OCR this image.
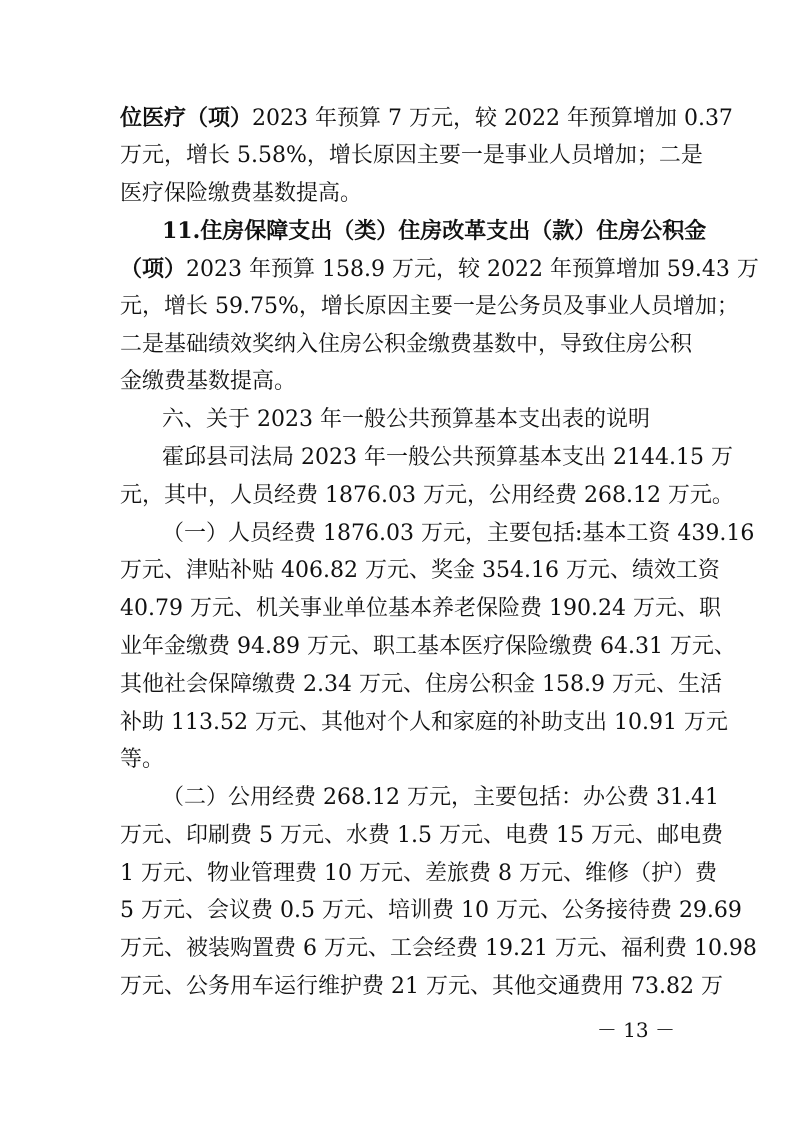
位医疗（项）2023 年预算 7 万元，较 2022 年预算增加 0.37
万元，增长 5.58%，增长原因主要一是事业人员增加；二是
医疗保险缴费基数提高。
11.住房保障支出（类）住房改革支出（款）住房公积金
（项）2023 年预算 158.9 万元，较 2022 年预算增加 59.43 万
元，增长 59.75%，增长原因主要一是公务员及事业人员增加；
二是基础绩效奖纳入住房公积金缴费基数中，导致住房公积
金缴费基数提高。
六、关于 2023 年一般公共预算基本支出表的说明
霍邱县司法局 2023 年一般公共预算基本支出 2144.15 万
元，其中，人员经费 1876.03 万元，公用经费 268.12 万元。
（一）人员经费 1876.03 万元，主要包括:基本工资 439.16
万元、津贴补贴 406.82 万元、奖金 354.16 万元、绩效工资
40.79 万元、机关事业单位基本养老保险费 190.24 万元、职
业年金缴费 94.89 万元、职工基本医疗保险缴费 64.31 万元、
其他社会保障缴费 2.34 万元、住房公积金 158.9 万元、生活
补助 113.52 万元、其他对个人和家庭的补助支出 10.91 万元
等。
（二）公用经费 268.12 万元，主要包括：办公费 31.41
万元、印刷费 5 万元、水费 1.5 万元、电费 15 万元、邮电费
1 万元、物业管理费 10 万元、差旅费 8 万元、维修（护）费
5 万元、会议费 0.5 万元、培训费 10 万元、公务接待费 29.69
万元、被装购置费 6 万元、工会经费 19.21 万元、福利费 10.98
万元、公务用车运行维护费 21 万元、其他交通费用 73.82 万
－ 13 －
